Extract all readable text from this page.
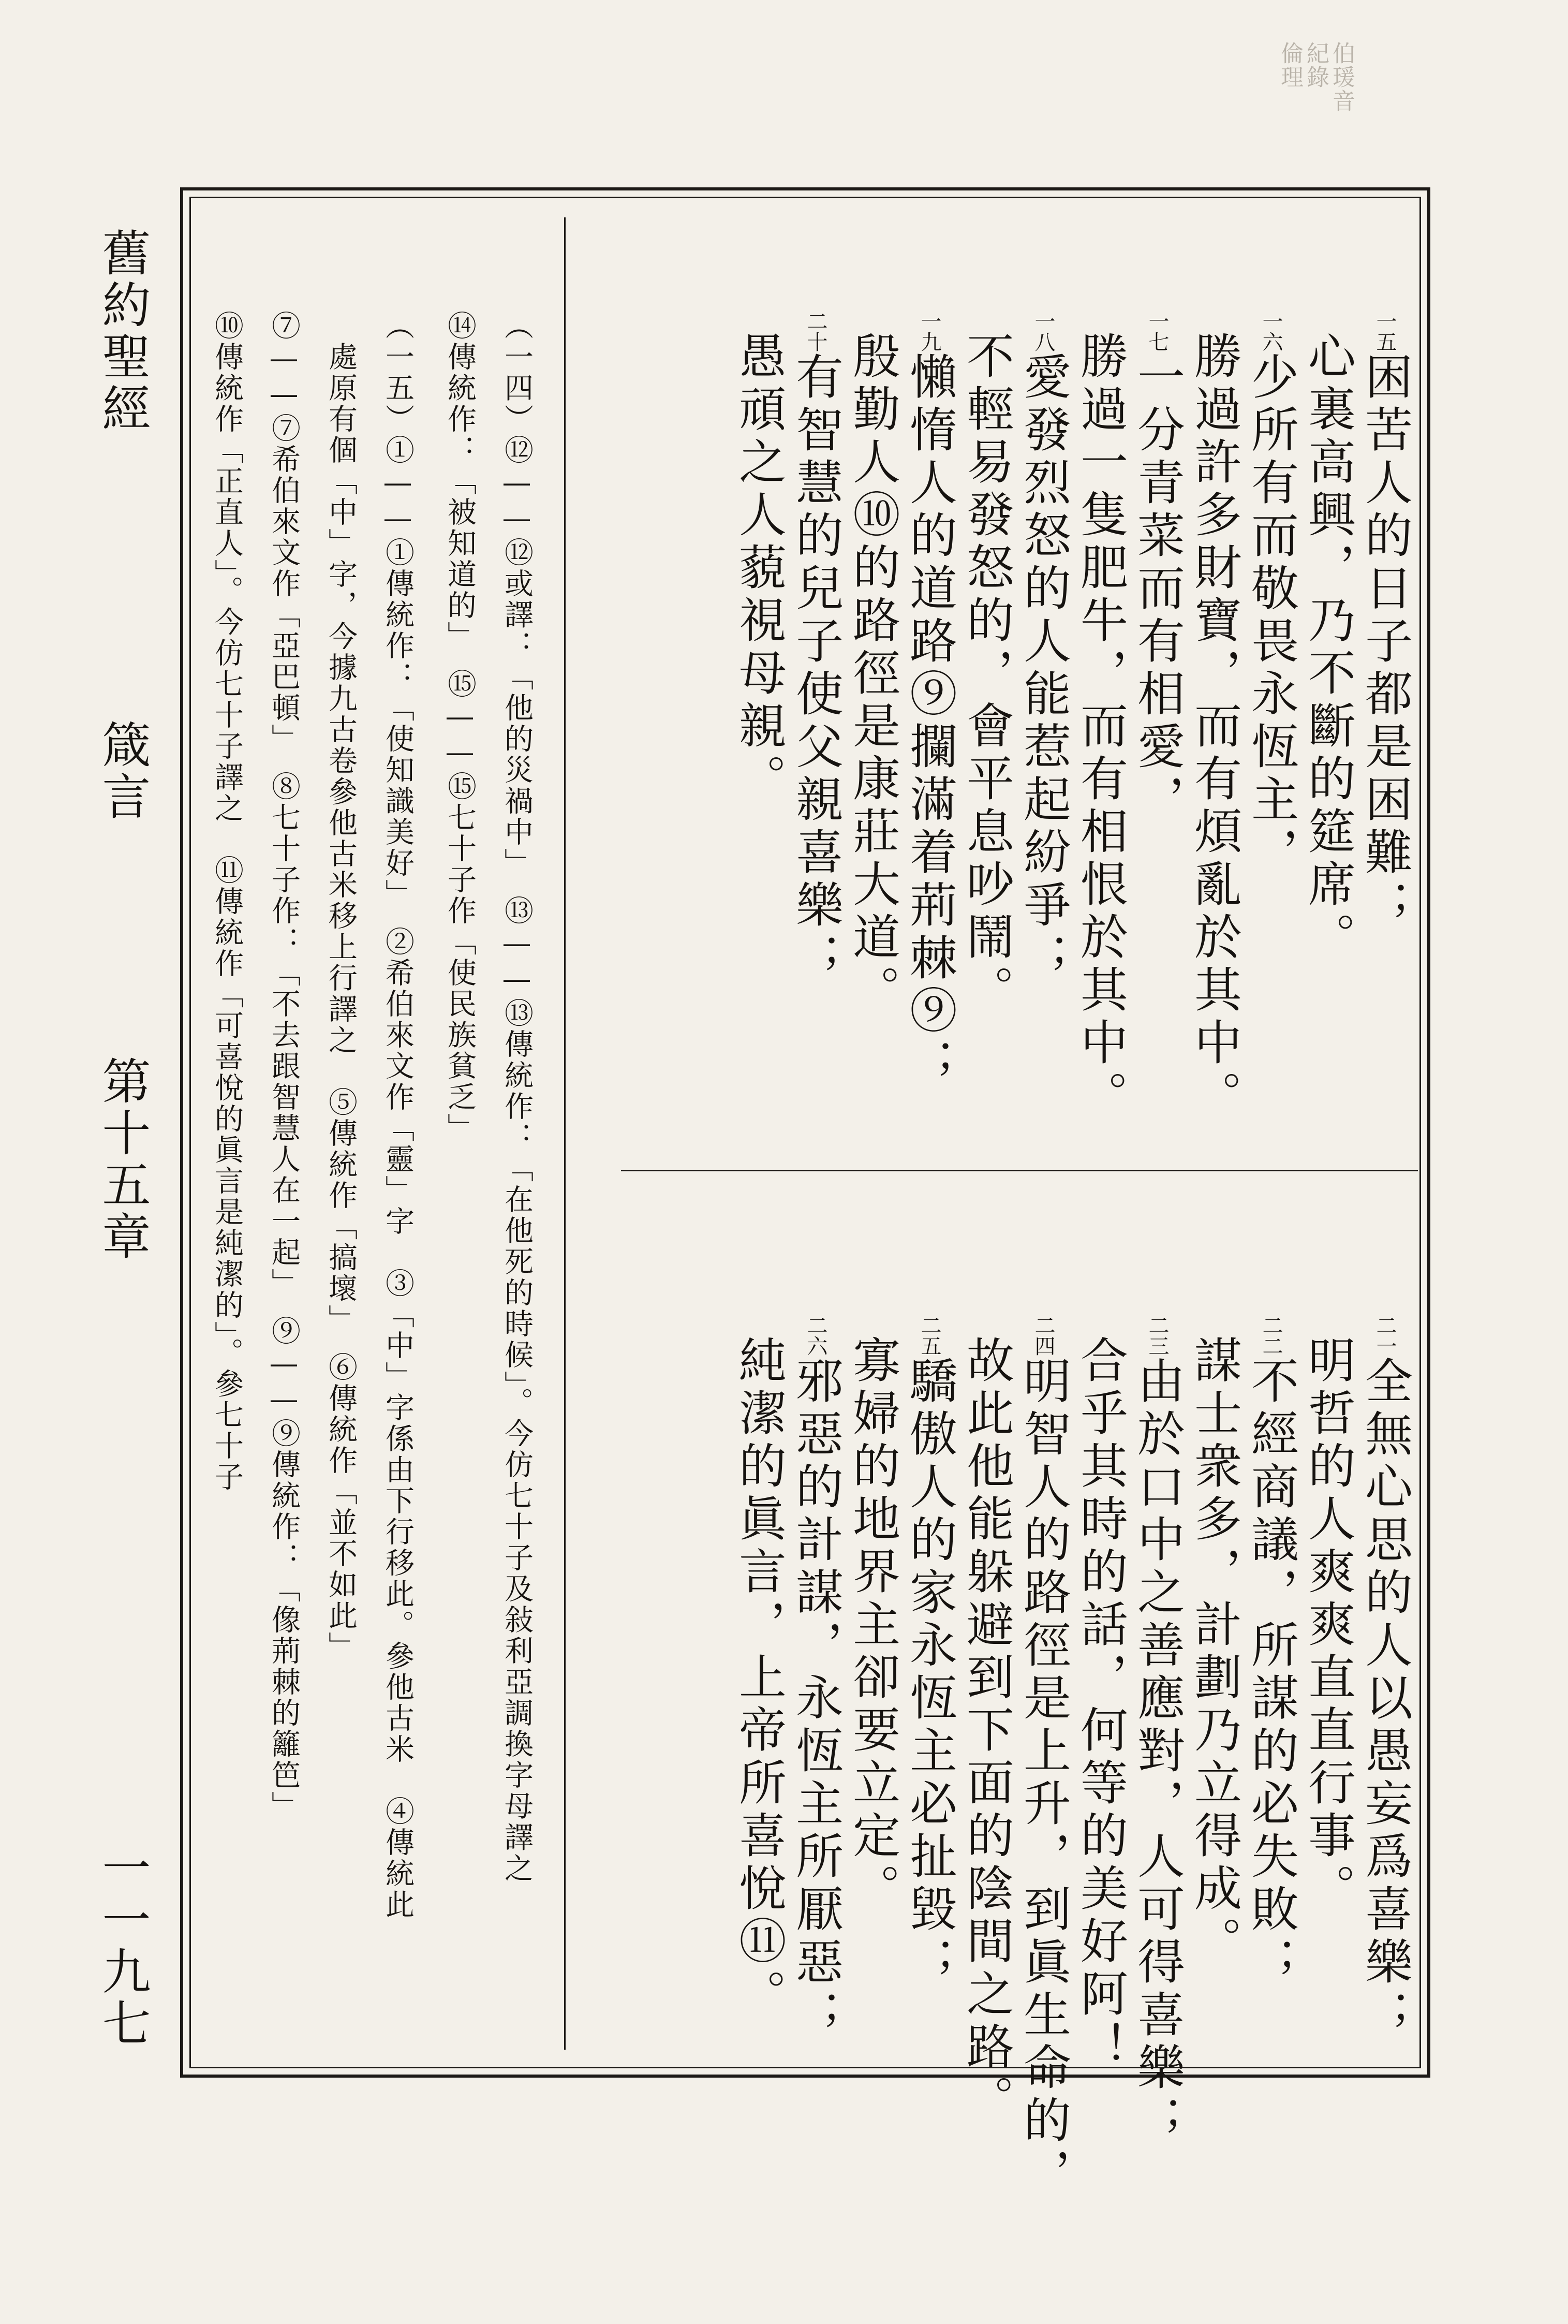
舊約聖經
箴言
第十五章
一一九七
伯瑗音
紀錄
倫理
一五困苦人的日子都是困難；
心裏高興，乃不斷的筵席。
一六少所有而敬畏永恆主，
勝過許多財寶，而有煩亂於其中。
一七一分青菜而有相愛，
勝過一隻肥牛，而有相恨於其中。
一八愛發烈怒的人能惹起紛爭；
不輕易發怒的，會平息吵鬧。
一九懶惰人的道路⑨攔滿着荊棘⑨；
殷勤人⑩的路徑是康莊大道。
二十有智慧的兒子使父親喜樂；
愚頑之人藐視母親。
二一全無心思的人以愚妄爲喜樂；
明哲的人爽爽直直行事。
二二不經商議，所謀的必失敗；
謀士衆多，計劃乃立得成。
二三由於口中之善應對，人可得喜樂；
合乎其時的話，何等的美好阿！
二四明智人的路徑是上升，到眞生命的，
故此他能躲避到下面的陰間之路。
二五驕傲人的家永恆主必扯毀；
寡婦的地界主卻要立定。
二六邪惡的計謀，永恆主所厭惡；
純潔的眞言，上帝所喜悅⑪。
（一四）⑫——⑫或譯：「他的災禍中」　⑬——⑬傳統作：「在他死的時候」。今仿七十子及敍利亞調換字母譯之
⑭傳統作：「被知道的」　⑮——⑮七十子作「使民族貧乏」
（一五）①——①傳統作：「使知識美好」　②希伯來文作「靈」字　③「中」字係由下行移此。參他古米　④傳統此
處原有個「中」字，今據九古卷參他古米移上行譯之　⑤傳統作「搞壞」　⑥傳統作「並不如此」
⑦——⑦希伯來文作「亞巴頓」　⑧七十子作：「不去跟智慧人在一起」　⑨——⑨傳統作：「像荊棘的籬笆」
⑩傳統作「正直人」。今仿七十子譯之　⑪傳統作「可喜悅的眞言是純潔的」。參七十子
